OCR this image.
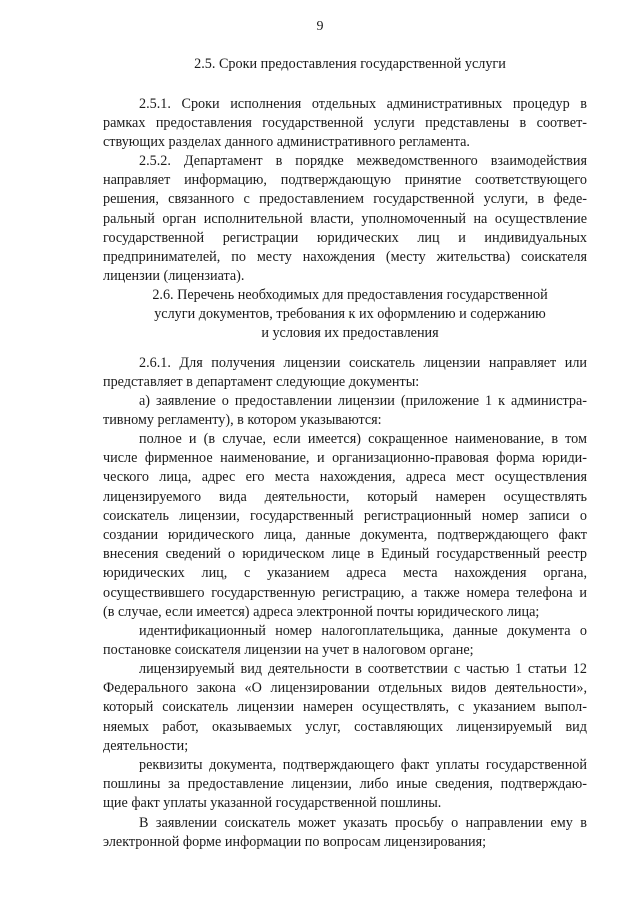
9
2.5. Сроки предоставления государственной услуги
2.5.1. Сроки исполнения отдельных административных процедур в
рамках предоставления государственной услуги представлены в соответ-
ствующих разделах данного административного регламента.
2.5.2. Департамент в порядке межведомственного взаимодействия
направляет информацию, подтверждающую принятие соответствующего
решения, связанного с предоставлением государственной услуги, в феде-
ральный орган исполнительной власти, уполномоченный на осуществление
государственной регистрации юридических лиц и индивидуальных
предпринимателей, по месту нахождения (месту жительства) соискателя
лицензии (лицензиата).
2.6. Перечень необходимых для предоставления государственной
услуги документов, требования к их оформлению и содержанию
и условия их предоставления
2.6.1. Для получения лицензии соискатель лицензии направляет или
представляет в департамент следующие документы:
а) заявление о предоставлении лицензии (приложение 1 к администра-
тивному регламенту), в котором указываются:
полное и (в случае, если имеется) сокращенное наименование, в том
числе фирменное наименование, и организационно-правовая форма юриди-
ческого лица, адрес его места нахождения, адреса мест осуществления
лицензируемого вида деятельности, который намерен осуществлять
соискатель лицензии, государственный регистрационный номер записи о
создании юридического лица, данные документа, подтверждающего факт
внесения сведений о юридическом лице в Единый государственный реестр
юридических лиц, с указанием адреса места нахождения органа,
осуществившего государственную регистрацию, а также номера телефона и
(в случае, если имеется) адреса электронной почты юридического лица;
идентификационный номер налогоплательщика, данные документа о
постановке соискателя лицензии на учет в налоговом органе;
лицензируемый вид деятельности в соответствии с частью 1 статьи 12
Федерального закона «О лицензировании отдельных видов деятельности»,
который соискатель лицензии намерен осуществлять, с указанием выпол-
няемых работ, оказываемых услуг, составляющих лицензируемый вид
деятельности;
реквизиты документа, подтверждающего факт уплаты государственной
пошлины за предоставление лицензии, либо иные сведения, подтверждаю-
щие факт уплаты указанной государственной пошлины.
В заявлении соискатель может указать просьбу о направлении ему в
электронной форме информации по вопросам лицензирования;
